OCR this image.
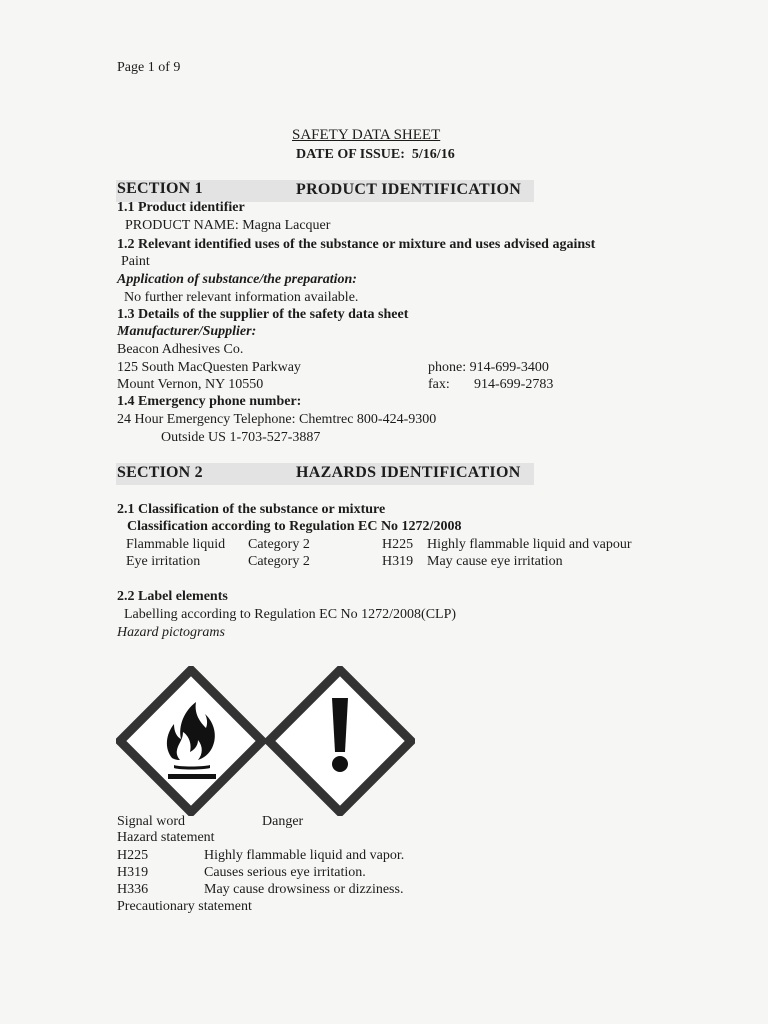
Page 1 of 9
SAFETY DATA SHEET
DATE OF ISSUE: 5/16/16
SECTION 1	PRODUCT IDENTIFICATION
1.1 Product identifier
PRODUCT NAME: Magna Lacquer
1.2 Relevant identified uses of the substance or mixture and uses advised against
Paint
Application of substance/the preparation:
No further relevant information available.
1.3 Details of the supplier of the safety data sheet
Manufacturer/Supplier:
Beacon Adhesives Co.
125 South MacQuesten Parkway
Mount Vernon, NY 10550
phone: 914-699-3400
fax: 914-699-2783
1.4 Emergency phone number:
24 Hour Emergency Telephone: Chemtrec 800-424-9300
Outside US 1-703-527-3887
SECTION 2	HAZARDS IDENTIFICATION
2.1 Classification of the substance or mixture
Classification according to Regulation EC No 1272/2008
Flammable liquid Category 2	H225 Highly flammable liquid and vapour
Eye irritation	Category 2	H319 May cause eye irritation
2.2 Label elements
Labelling according to Regulation EC No 1272/2008(CLP)
Hazard pictograms
Signal word	Danger
Hazard statement
H225	Highly flammable liquid and vapor.
H319	Causes serious eye irritation.
H336	May cause drowsiness or dizziness.
Precautionary statement
